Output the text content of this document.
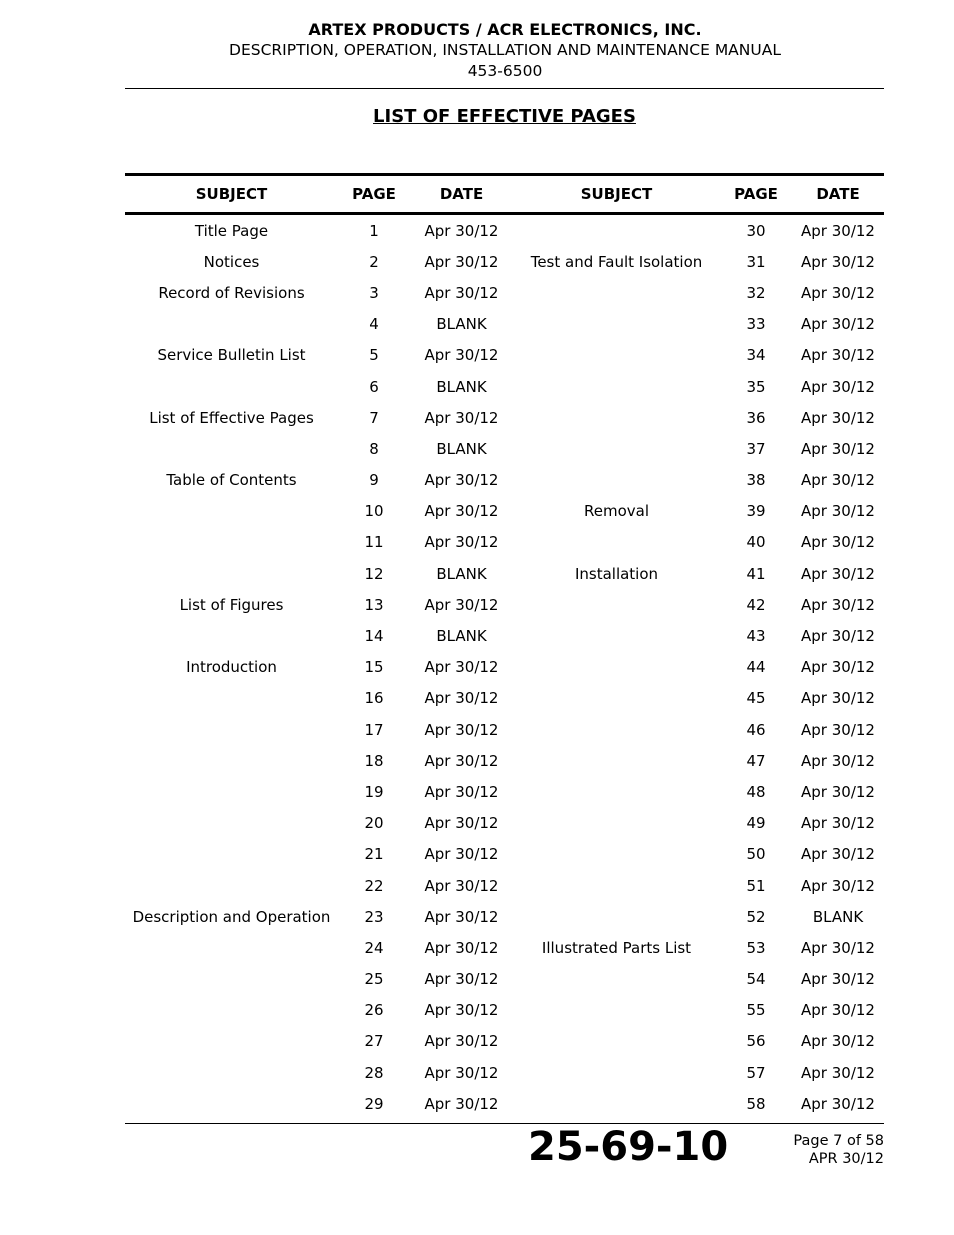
ARTEX PRODUCTS / ACR ELECTRONICS, INC.
DESCRIPTION, OPERATION, INSTALLATION AND MAINTENANCE MANUAL
453-6500
LIST OF EFFECTIVE PAGES
SUBJECT	PAGE	DATE	SUBJECT	PAGE	DATE
Title Page	1	Apr 30/12		30	Apr 30/12
Notices	2	Apr 30/12	Test and Fault Isolation	31	Apr 30/12
Record of Revisions	3	Apr 30/12		32	Apr 30/12
	4	BLANK		33	Apr 30/12
Service Bulletin List	5	Apr 30/12		34	Apr 30/12
	6	BLANK		35	Apr 30/12
List of Effective Pages	7	Apr 30/12		36	Apr 30/12
	8	BLANK		37	Apr 30/12
Table of Contents	9	Apr 30/12		38	Apr 30/12
	10	Apr 30/12	Removal	39	Apr 30/12
	11	Apr 30/12		40	Apr 30/12
	12	BLANK	Installation	41	Apr 30/12
List of Figures	13	Apr 30/12		42	Apr 30/12
	14	BLANK		43	Apr 30/12
Introduction	15	Apr 30/12		44	Apr 30/12
	16	Apr 30/12		45	Apr 30/12
	17	Apr 30/12		46	Apr 30/12
	18	Apr 30/12		47	Apr 30/12
	19	Apr 30/12		48	Apr 30/12
	20	Apr 30/12		49	Apr 30/12
	21	Apr 30/12		50	Apr 30/12
	22	Apr 30/12		51	Apr 30/12
Description and Operation	23	Apr 30/12		52	BLANK
	24	Apr 30/12	Illustrated Parts List	53	Apr 30/12
	25	Apr 30/12		54	Apr 30/12
	26	Apr 30/12		55	Apr 30/12
	27	Apr 30/12		56	Apr 30/12
	28	Apr 30/12		57	Apr 30/12
	29	Apr 30/12		58	Apr 30/12
25-69-10	Page 7 of 58
APR 30/12
